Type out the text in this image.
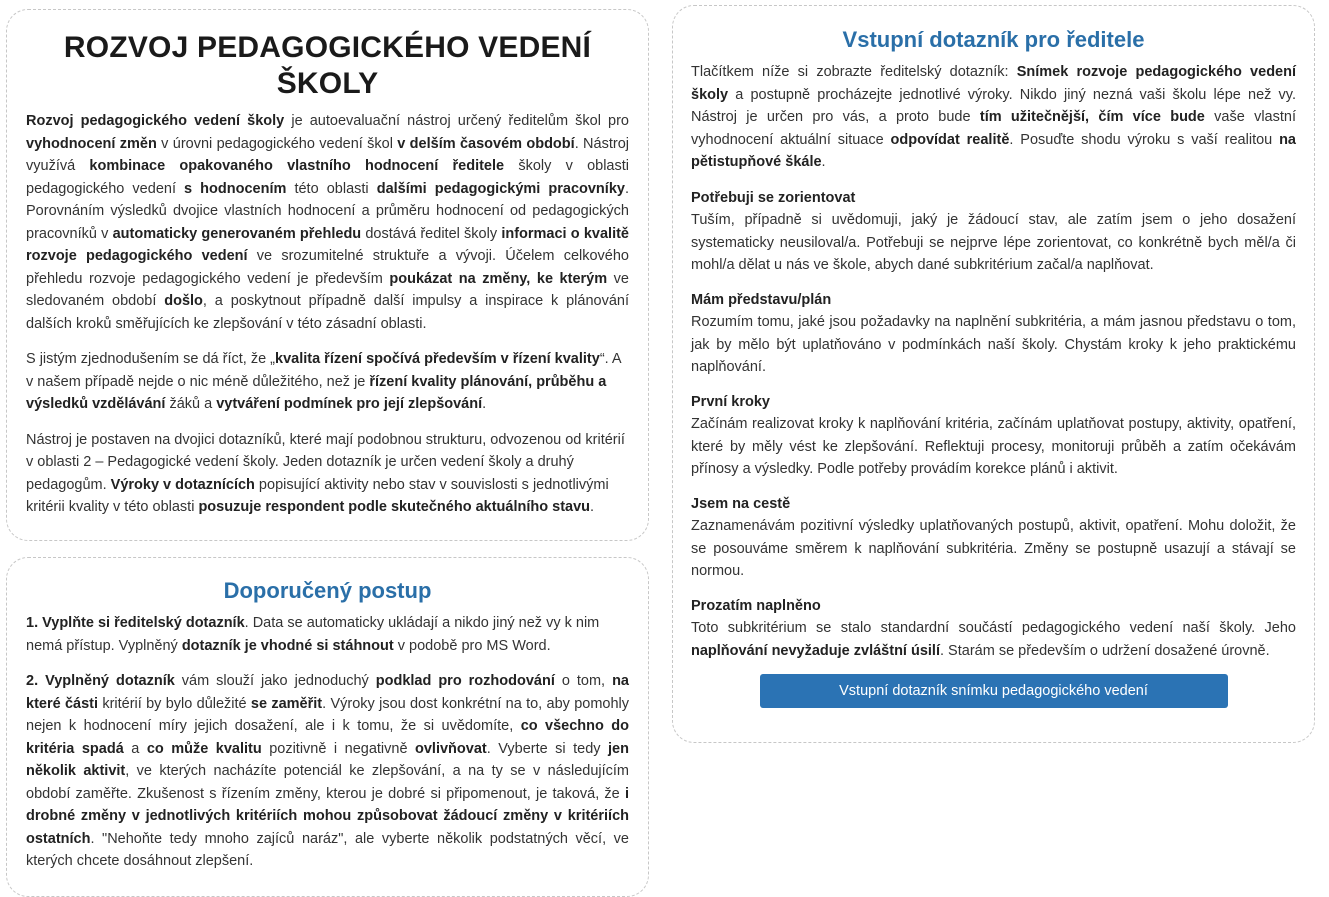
ROZVOJ PEDAGOGICKÉHO VEDENÍ ŠKOLY

Rozvoj pedagogického vedení školy je autoevaluační nástroj určený ředitelům škol pro vyhodnocení změn v úrovni pedagogického vedení škol v delším časovém období. Nástroj využívá kombinace opakovaného vlastního hodnocení ředitele školy v oblasti pedagogického vedení s hodnocením této oblasti dalšími pedagogickými pracovníky. Porovnáním výsledků dvojice vlastních hodnocení a průměru hodnocení od pedagogických pracovníků v automaticky generovaném přehledu dostává ředitel školy informaci o kvalitě rozvoje pedagogického vedení ve srozumitelné struktuře a vývoji. Účelem celkového přehledu rozvoje pedagogického vedení je především poukázat na změny, ke kterým ve sledovaném období došlo, a poskytnout případně další impulsy a inspirace k plánování dalších kroků směřujících ke zlepšování v této zásadní oblasti.

S jistým zjednodušením se dá říct, že „kvalita řízení spočívá především v řízení kvality“. A v našem případě nejde o nic méně důležitého, než je řízení kvality plánování, průběhu a výsledků vzdělávání žáků a vytváření podmínek pro její zlepšování.

Nástroj je postaven na dvojici dotazníků, které mají podobnou strukturu, odvozenou od kritérií v oblasti 2 – Pedagogické vedení školy. Jeden dotazník je určen vedení školy a druhý pedagogům. Výroky v dotaznících popisující aktivity nebo stav v souvislosti s jednotlivými kritérii kvality v této oblasti posuzuje respondent podle skutečného aktuálního stavu.

Doporučený postup

1. Vyplňte si ředitelský dotazník. Data se automaticky ukládají a nikdo jiný než vy k nim nemá přístup. Vyplněný dotazník je vhodné si stáhnout v podobě pro MS Word.

2. Vyplněný dotazník vám slouží jako jednoduchý podklad pro rozhodování o tom, na které části kritérií by bylo důležité se zaměřit. Výroky jsou dost konkrétní na to, aby pomohly nejen k hodnocení míry jejich dosažení, ale i k tomu, že si uvědomíte, co všechno do kritéria spadá a co může kvalitu pozitivně i negativně ovlivňovat. Vyberte si tedy jen několik aktivit, ve kterých nacházíte potenciál ke zlepšování, a na ty se v následujícím období zaměřte. Zkušenost s řízením změny, kterou je dobré si připomenout, je taková, že i drobné změny v jednotlivých kritériích mohou způsobovat žádoucí změny v kritériích ostatních. "Nehoňte tedy mnoho zajíců naráz", ale vyberte několik podstatných věcí, ve kterých chcete dosáhnout zlepšení.

Vstupní dotazník pro ředitele

Tlačítkem níže si zobrazte ředitelský dotazník: Snímek rozvoje pedagogického vedení školy a postupně procházejte jednotlivé výroky. Nikdo jiný nezná vaši školu lépe než vy. Nástroj je určen pro vás, a proto bude tím užitečnější, čím více bude vaše vlastní vyhodnocení aktuální situace odpovídat realitě. Posuďte shodu výroku s vaší realitou na pětistupňové škále.

Potřebuji se zorientovat
Tuším, případně si uvědomuji, jaký je žádoucí stav, ale zatím jsem o jeho dosažení systematicky neusiloval/a. Potřebuji se nejprve lépe zorientovat, co konkrétně bych měl/a či mohl/a dělat u nás ve škole, abych dané subkritérium začal/a naplňovat.
Mám představu/plán
Rozumím tomu, jaké jsou požadavky na naplnění subkritéria, a mám jasnou představu o tom, jak by mělo být uplatňováno v podmínkách naší školy. Chystám kroky k jeho praktickému naplňování.
První kroky
Začínám realizovat kroky k naplňování kritéria, začínám uplatňovat postupy, aktivity, opatření, které by měly vést ke zlepšování. Reflektuji procesy, monitoruji průběh a zatím očekávám přínosy a výsledky. Podle potřeby provádím korekce plánů i aktivit.
Jsem na cestě
Zaznamenávám pozitivní výsledky uplatňovaných postupů, aktivit, opatření. Mohu doložit, že se posouváme směrem k naplňování subkritéria. Změny se postupně usazují a stávají se normou.
Prozatím naplněno
Toto subkritérium se stalo standardní součástí pedagogického vedení naší školy. Jeho naplňování nevyžaduje zvláštní úsilí. Starám se především o udržení dosažené úrovně.
Vstupní dotazník snímku pedagogického vedení
